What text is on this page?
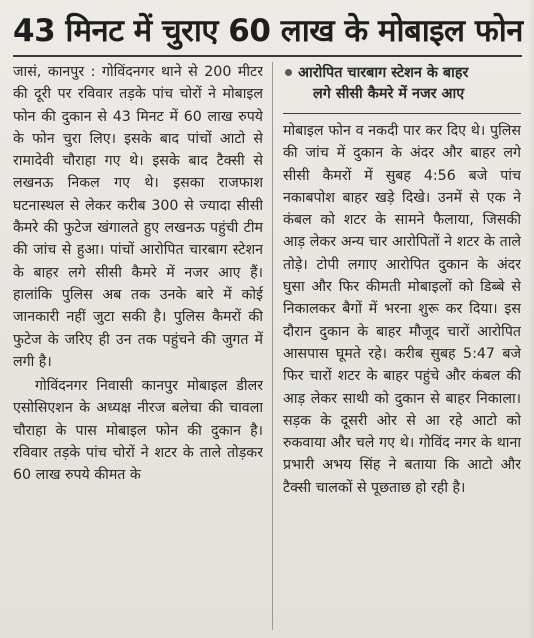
43 मिनट में चुराए 60 लाख के मोबाइल फोन

जासं, कानपुर : गोविंदनगर थाने से 200 मीटर की दूरी पर रविवार तड़के पांच चोरों ने मोबाइल फोन की दुकान से 43 मिनट में 60 लाख रुपये के फोन चुरा लिए। इसके बाद पांचों आटो से रामादेवी चौराहा गए थे। इसके बाद टैक्सी से लखनऊ निकल गए थे। इसका राजफाश घटनास्थल से लेकर करीब 300 से ज्यादा सीसी कैमरे की फुटेज खंगालते हुए लखनऊ पहुंची टीम की जांच से हुआ। पांचों आरोपित चारबाग स्टेशन के बाहर लगे सीसी कैमरे में नजर आए हैं। हालांकि पुलिस अब तक उनके बारे में कोई जानकारी नहीं जुटा सकी है। पुलिस कैमरों की फुटेज के जरिए ही उन तक पहुंचने की जुगत में लगी है।

गोविंदनगर निवासी कानपुर मोबाइल डीलर एसोसिएशन के अध्यक्ष नीरज बलेचा की चावला चौराहा के पास मोबाइल फोन की दुकान है। रविवार तड़के पांच चोरों ने शटर के ताले तोड़कर 60 लाख रुपये कीमत के

आरोपित चारबाग स्टेशन के बाहर
लगे सीसी कैमरे में नजर आए

मोबाइल फोन व नकदी पार कर दिए थे। पुलिस की जांच में दुकान के अंदर और बाहर लगे सीसी कैमरों में सुबह 4:56 बजे पांच नकाबपोश बाहर खड़े दिखे। उनमें से एक ने कंबल को शटर के सामने फैलाया, जिसकी आड़ लेकर अन्य चार आरोपितों ने शटर के ताले तोड़े। टोपी लगाए आरोपित दुकान के अंदर घुसा और फिर कीमती मोबाइलों को डिब्बे से निकालकर बैगों में भरना शुरू कर दिया। इस दौरान दुकान के बाहर मौजूद चारों आरोपित आसपास घूमते रहे। करीब सुबह 5:47 बजे फिर चारों शटर के बाहर पहुंचे और कंबल की आड़ लेकर साथी को दुकान से बाहर निकाला। सड़क के दूसरी ओर से आ रहे आटो को रुकवाया और चले गए थे। गोविंद नगर के थाना प्रभारी अभय सिंह ने बताया कि आटो और टैक्सी चालकों से पूछताछ हो रही है।
